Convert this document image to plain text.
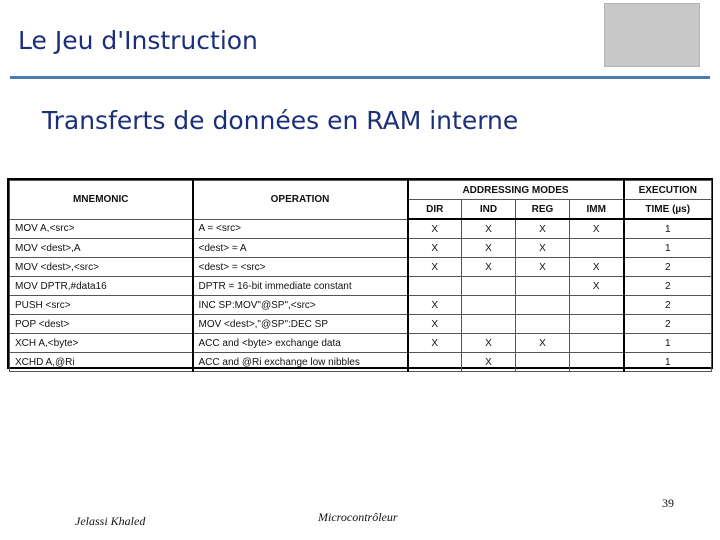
Le Jeu d'Instruction
Transferts de données en RAM interne
MNEMONIC	OPERATION	ADDRESSING MODES				EXECUTION
		DIR	IND	REG	IMM	TIME (µs)
MOV A,<src>	A = <src>	X	X	X	X	1
MOV <dest>,A	<dest> = A	X	X	X		1
MOV <dest>,<src>	<dest> = <src>	X	X	X	X	2
MOV DPTR,#data16	DPTR = 16-bit immediate constant				X	2
PUSH <src>	INC SP:MOV"@SP",<src>	X				2
POP <dest>	MOV <dest>,"@SP":DEC SP	X				2
XCH A,<byte>	ACC and <byte> exchange data	X	X	X		1
XCHD A,@Ri	ACC and @Ri exchange low nibbles		X			1
Jelassi Khaled	Microcontrôleur
39
